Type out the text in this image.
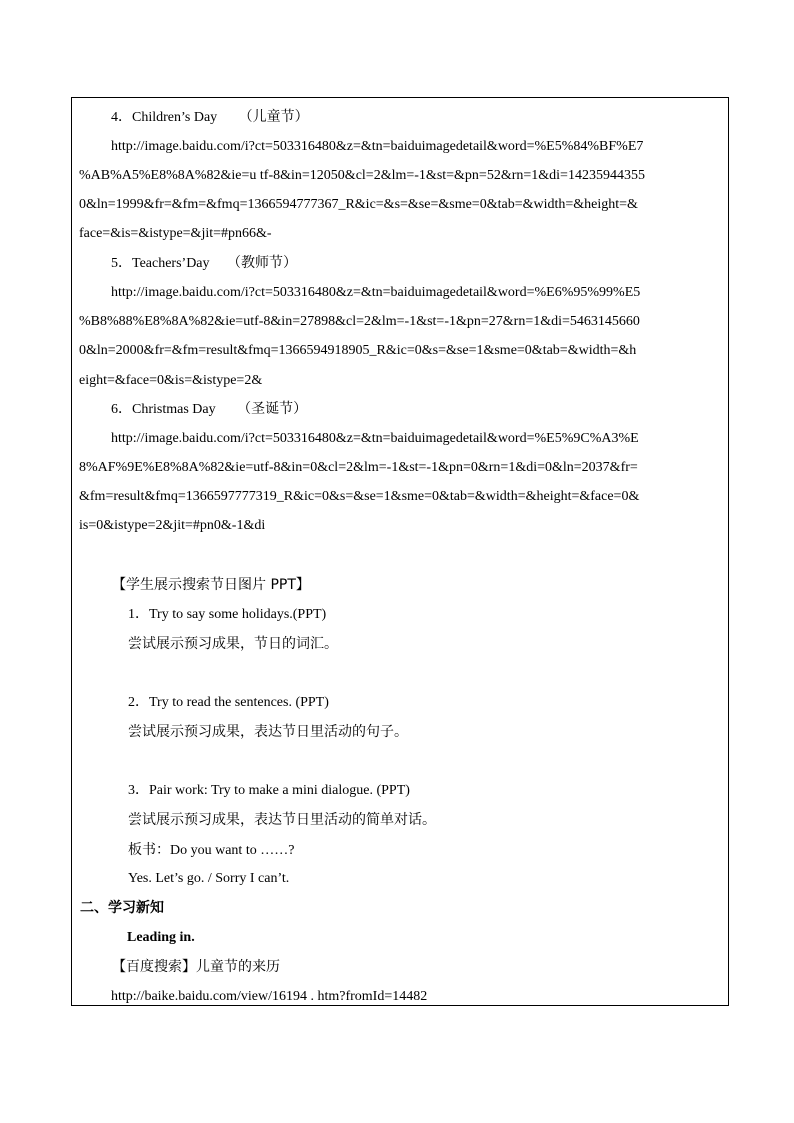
4．Children’s Day （儿童节）
http://image.baidu.com/i?ct=503316480&z=&tn=baiduimagedetail&word=%E5%84%BF%E7
%AB%A5%E8%8A%82&ie=u tf-8&in=12050&cl=2&lm=-1&st=&pn=52&rn=1&di=14235944355
0&ln=1999&fr=&fm=&fmq=1366594777367_R&ic=&s=&se=&sme=0&tab=&width=&height=&
face=&is=&istype=&jit=#pn66&-
5．Teachers’Day （教师节）
http://image.baidu.com/i?ct=503316480&z=&tn=baiduimagedetail&word=%E6%95%99%E5
%B8%88%E8%8A%82&ie=utf-8&in=27898&cl=2&lm=-1&st=-1&pn=27&rn=1&di=5463145660
0&ln=2000&fr=&fm=result&fmq=1366594918905_R&ic=0&s=&se=1&sme=0&tab=&width=&h
eight=&face=0&is=&istype=2&
6．Christmas Day （圣诞节）
http://image.baidu.com/i?ct=503316480&z=&tn=baiduimagedetail&word=%E5%9C%A3%E
8%AF%9E%E8%8A%82&ie=utf-8&in=0&cl=2&lm=-1&st=-1&pn=0&rn=1&di=0&ln=2037&fr=
&fm=result&fmq=1366597777319_R&ic=0&s=&se=1&sme=0&tab=&width=&height=&face=0&
is=0&istype=2&jit=#pn0&-1&di
【学生展示搜索节日图片 PPT】
1．Try to say some holidays.(PPT)
尝试展示预习成果，节日的词汇。
2．Try to read the sentences. (PPT)
尝试展示预习成果，表达节日里活动的句子。
3．Pair work: Try to make a mini dialogue. (PPT)
尝试展示预习成果，表达节日里活动的简单对话。
板书：Do you want to ……?
Yes. Let’s go. / Sorry I can’t.
二、学习新知
Leading in.
【百度搜索】儿童节的来历
http://baike.baidu.com/view/16194 . htm?fromId=14482
